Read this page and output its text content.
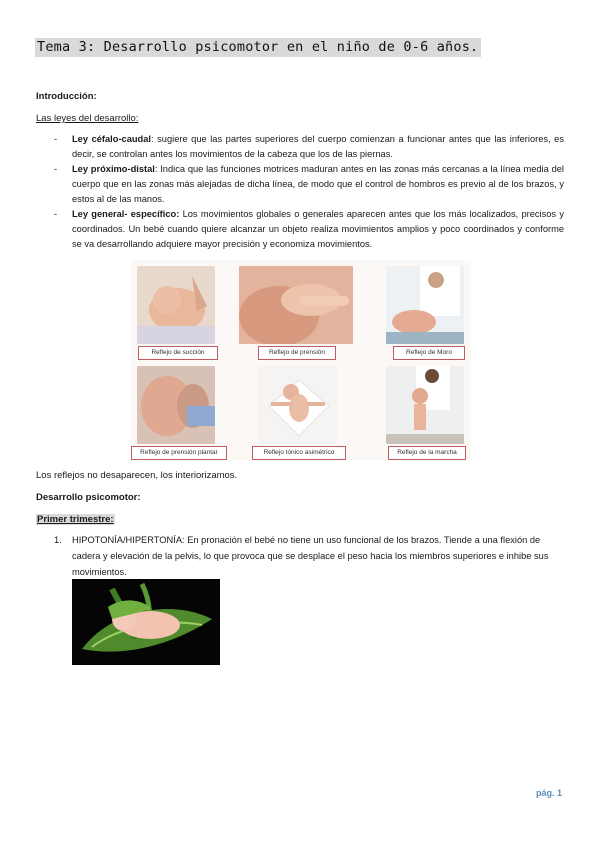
Tema 3: Desarrollo psicomotor en el niño de 0-6 años.
Introducción:
Las leyes del desarrollo:
- Ley céfalo-caudal: sugiere que las partes superiores del cuerpo comienzan a funcionar antes que las inferiores, es decir, se controlan antes los movimientos de la cabeza que los de las piernas.
- Ley próximo-distal: Indica que las funciones motrices maduran antes en las zonas más cercanas a la línea media del cuerpo que en las zonas más alejadas de dicha línea, de modo que el control de hombros es previo al de los brazos, y estos al de las manos.
- Ley general- específico: Los movimientos globales o generales aparecen antes que los más localizados, precisos y coordinados. Un bebé cuando quiere alcanzar un objeto realiza movimientos amplios y poco coordinados y conforme se va desarrollando adquiere mayor precisión y economiza movimientos.
Reflejo de succión	Reflejo de prensión	Reflejo de Moro
Reflejo de prensión plantar	Reflejo tónico asimétrico	Reflejo de la marcha
Los reflejos no desaparecen, los interiorizamos.
Desarrollo psicomotor:
Primer trimestre:
1. HIPOTONÍA/HIPERTONÍA: En pronación el bebé no tiene un uso funcional de los brazos. Tiende a una flexión de cadera y elevación de la pelvis, lo que provoca que se desplace el peso hacia los miembros superiores e inhibe sus movimientos.
pág. 1
